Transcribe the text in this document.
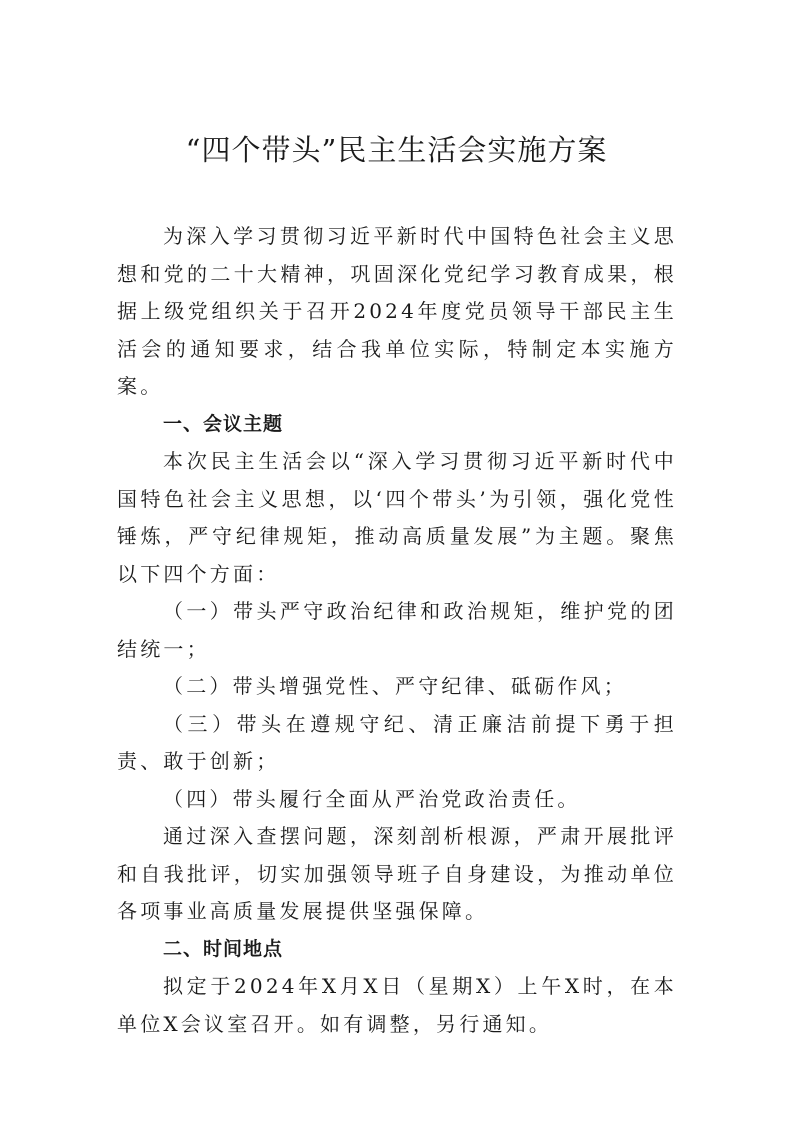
“四个带头”民主生活会实施方案

为深入学习贯彻习近平新时代中国特色社会主义思想和党的二十大精神，巩固深化党纪学习教育成果，根据上级党组织关于召开2024年度党员领导干部民主生活会的通知要求，结合我单位实际，特制定本实施方案。

一、会议主题

本次民主生活会以“深入学习贯彻习近平新时代中国特色社会主义思想，以‘四个带头’为引领，强化党性锤炼，严守纪律规矩，推动高质量发展”为主题。聚焦以下四个方面：

（一）带头严守政治纪律和政治规矩，维护党的团结统一；

（二）带头增强党性、严守纪律、砥砺作风；

（三）带头在遵规守纪、清正廉洁前提下勇于担责、敢于创新；

（四）带头履行全面从严治党政治责任。

通过深入查摆问题，深刻剖析根源，严肃开展批评和自我批评，切实加强领导班子自身建设，为推动单位各项事业高质量发展提供坚强保障。

二、时间地点

拟定于2024年X月X日（星期X）上午X时，在本单位X会议室召开。如有调整，另行通知。
